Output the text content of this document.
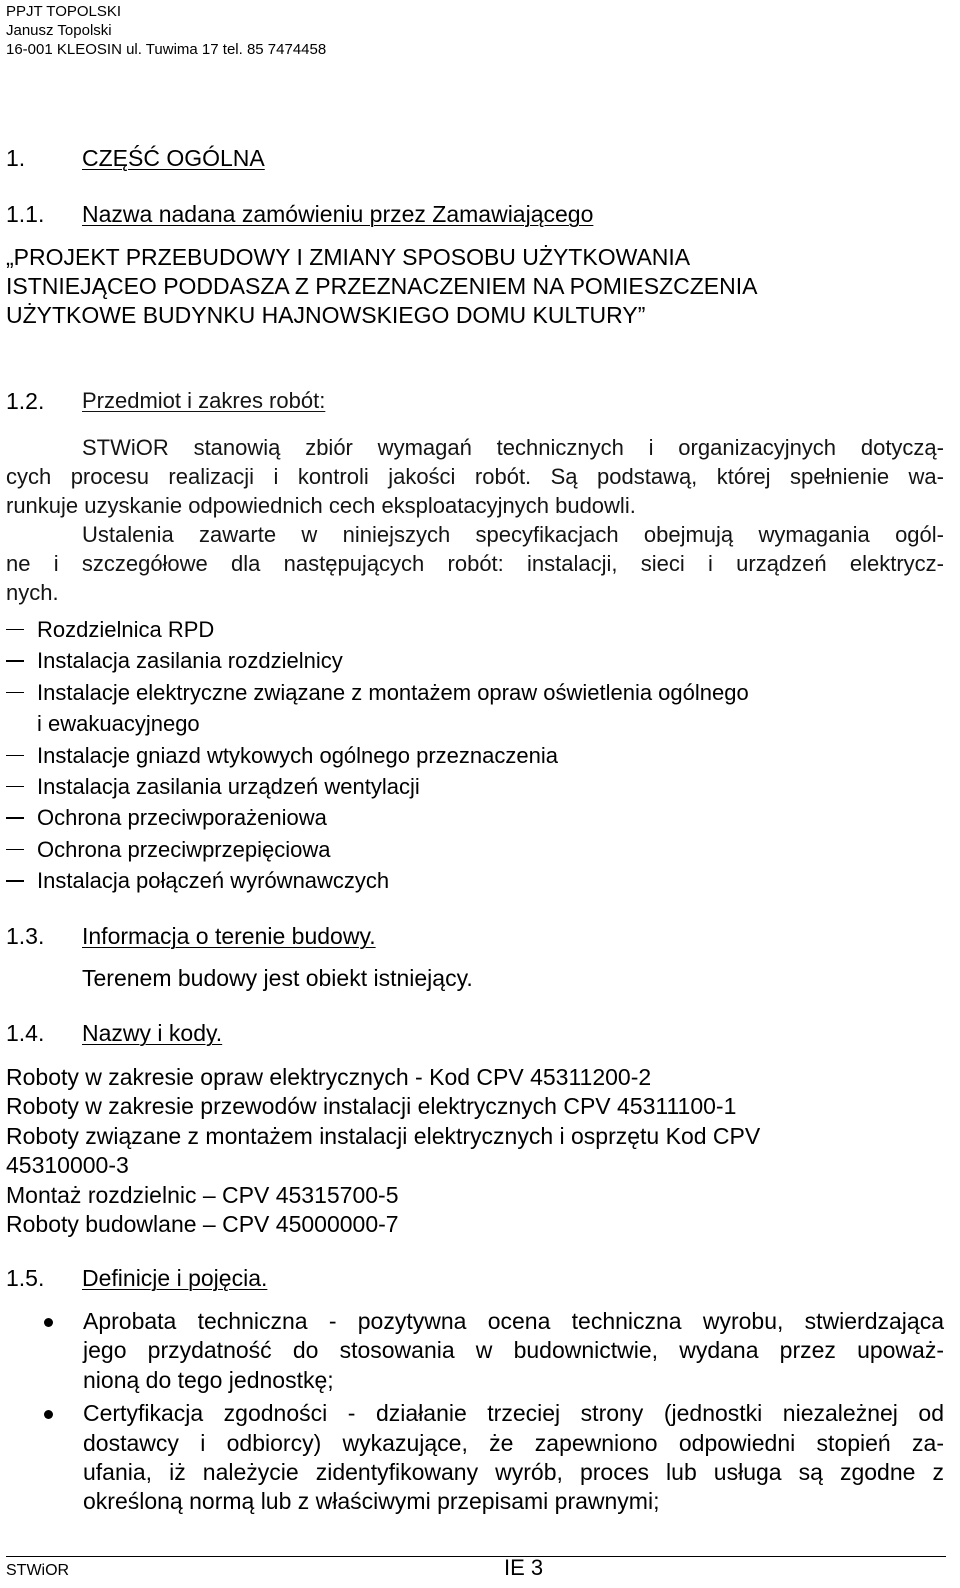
PPJT TOPOLSKI
Janusz Topolski
16-001 KLEOSIN ul. Tuwima 17 tel. 85 7474458
1. CZĘŚĆ OGÓLNA
1.1. Nazwa nadana zamówieniu przez Zamawiającego
„PROJEKT PRZEBUDOWY I ZMIANY SPOSOBU UŻYTKOWANIA
ISTNIEJĄCEO PODDASZA Z PRZEZNACZENIEM NA POMIESZCZENIA
UŻYTKOWE BUDYNKU HAJNOWSKIEGO DOMU KULTURY”
1.2. Przedmiot i zakres robót:
STWiOR stanowią zbiór wymagań technicznych i organizacyjnych dotyczą-
cych procesu realizacji i kontroli jakości robót. Są podstawą, której spełnienie wa-
runkuje uzyskanie odpowiednich cech eksploatacyjnych budowli.
Ustalenia zawarte w niniejszych specyfikacjach obejmują wymagania ogól-
ne i szczegółowe dla następujących robót: instalacji, sieci i urządzeń elektrycz-
nych.
Rozdzielnica RPD
Instalacja zasilania rozdzielnicy
Instalacje elektryczne związane z montażem opraw oświetlenia ogólnego
i ewakuacyjnego
Instalacje gniazd wtykowych ogólnego przeznaczenia
Instalacja zasilania urządzeń wentylacji
Ochrona przeciwporażeniowa
Ochrona przeciwprzepięciowa
Instalacja połączeń wyrównawczych
1.3. Informacja o terenie budowy.
Terenem budowy jest obiekt istniejący.
1.4. Nazwy i kody.
Roboty w zakresie opraw elektrycznych - Kod CPV 45311200-2
Roboty w zakresie przewodów instalacji elektrycznych CPV 45311100-1
Roboty związane z montażem instalacji elektrycznych i osprzętu Kod CPV
45310000-3
Montaż rozdzielnic – CPV 45315700-5
Roboty budowlane – CPV 45000000-7
1.5. Definicje i pojęcia.
Aprobata techniczna - pozytywna ocena techniczna wyrobu, stwierdzająca
jego przydatność do stosowania w budownictwie, wydana przez upoważ-
nioną do tego jednostkę;
Certyfikacja zgodności - działanie trzeciej strony (jednostki niezależnej od
dostawcy i odbiorcy) wykazujące, że zapewniono odpowiedni stopień za-
ufania, iż należycie zidentyfikowany wyrób, proces lub usługa są zgodne z
określoną normą lub z właściwymi przepisami prawnymi;
STWiOR	IE 3
